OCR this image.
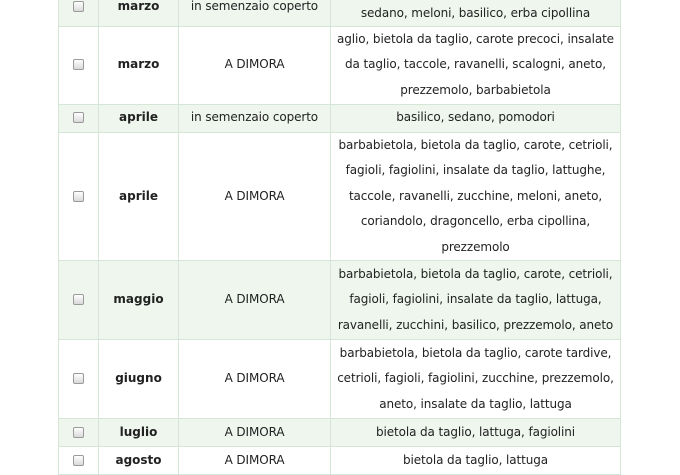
	marzo	in semenzaio coperto	sedano, meloni, basilico, erba cipollina
	marzo	A DIMORA	aglio, bietola da taglio, carote precoci, insalate da taglio, taccole, ravanelli, scalogni, aneto, prezzemolo, barbabietola
	aprile	in semenzaio coperto	basilico, sedano, pomodori
	aprile	A DIMORA	barbabietola, bietola da taglio, carote, cetrioli, fagioli, fagiolini, insalate da taglio, lattughe, taccole, ravanelli, zucchine, meloni, aneto, coriandolo, dragoncello, erba cipollina, prezzemolo
	maggio	A DIMORA	barbabietola, bietola da taglio, carote, cetrioli, fagioli, fagiolini, insalate da taglio, lattuga, ravanelli, zucchini, basilico, prezzemolo, aneto
	giugno	A DIMORA	barbabietola, bietola da taglio, carote tardive, cetrioli, fagioli, fagiolini, zucchine, prezzemolo, aneto, insalate da taglio, lattuga
	luglio	A DIMORA	bietola da taglio, lattuga, fagiolini
	agosto	A DIMORA	bietola da taglio, lattuga
